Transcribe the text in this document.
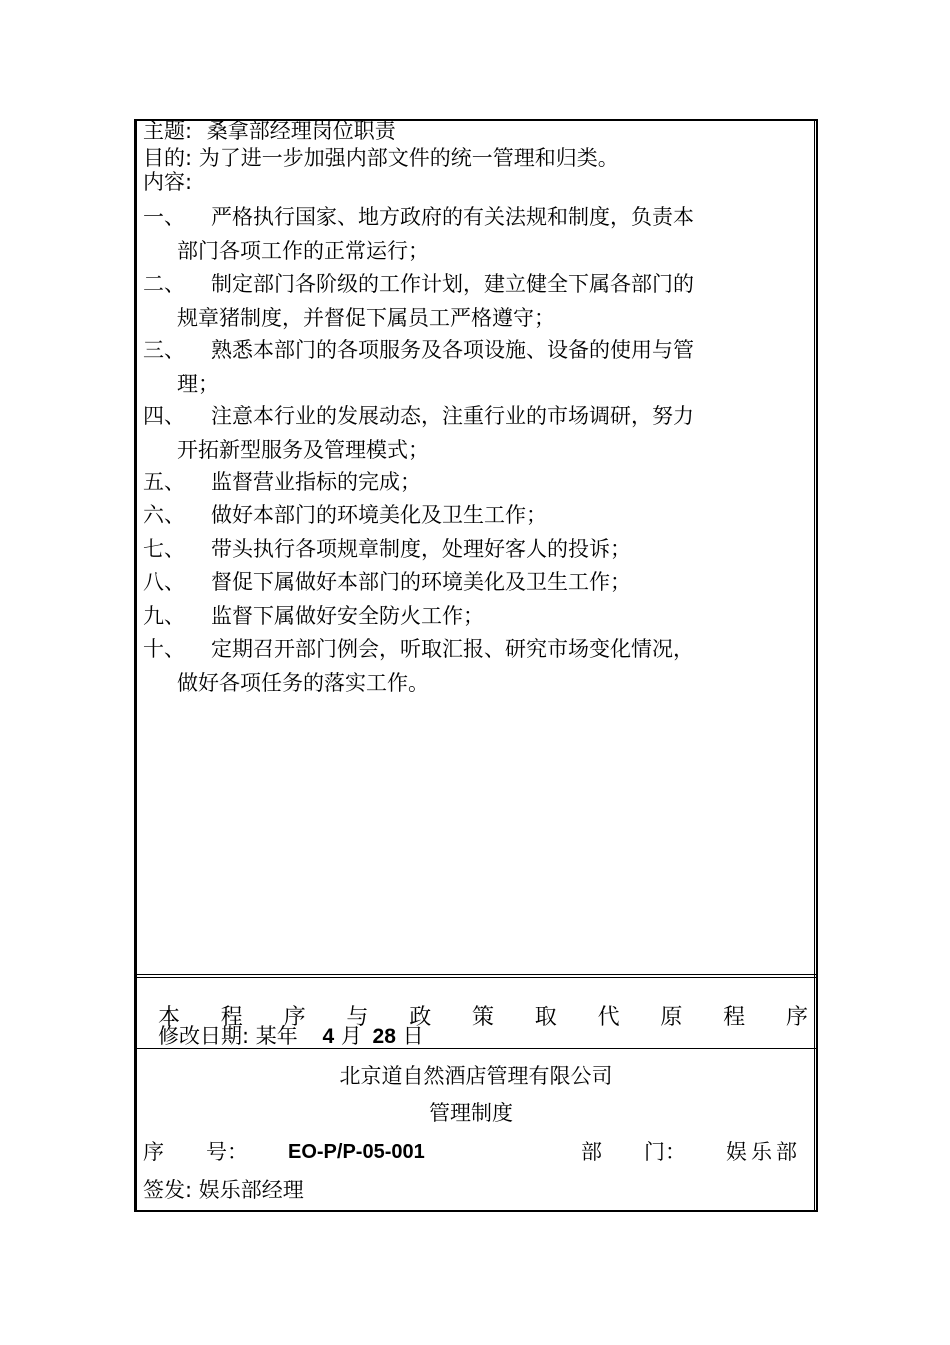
主题: 桑拿部经理岗位职责
目的: 为了进一步加强内部文件的统一管理和归类。
内容:
一、 严格执行国家、地方政府的有关法规和制度，负责本
部门各项工作的正常运行；
二、 制定部门各阶级的工作计划，建立健全下属各部门的
规章猪制度，并督促下属员工严格遵守；
三、 熟悉本部门的各项服务及各项设施、设备的使用与管
理；
四、 注意本行业的发展动态，注重行业的市场调研，努力
开拓新型服务及管理模式；
五、 监督营业指标的完成；
六、 做好本部门的环境美化及卫生工作；
七、 带头执行各项规章制度，处理好客人的投诉；
八、 督促下属做好本部门的环境美化及卫生工作；
九、 监督下属做好安全防火工作；
十、 定期召开部门例会，听取汇报、研究市场变化情况，
做好各项任务的落实工作。
本 程 序 与 政 策 取 代 原 程 序
修改日期: 某年 4 月 28 日
北京道自然酒店管理有限公司
管理制度
序　　号： EO-P/P-05-001	部　　门： 娱乐部
签发: 娱乐部经理
